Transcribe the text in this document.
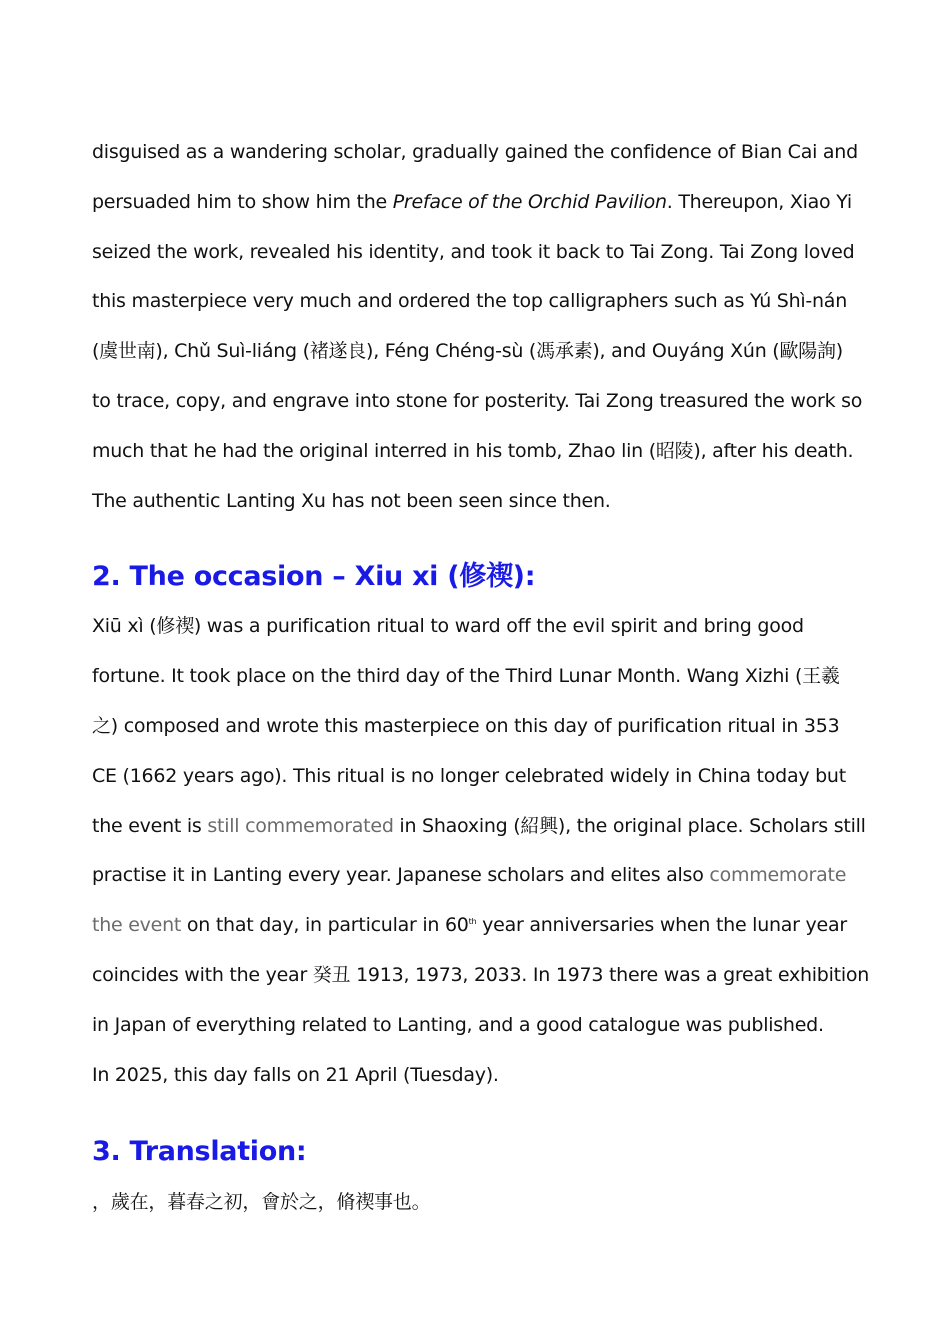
disguised as a wandering scholar, gradually gained the confidence of Bian Cai and
persuaded him to show him the Preface of the Orchid Pavilion. Thereupon, Xiao Yi
seized the work, revealed his identity, and took it back to Tai Zong. Tai Zong loved
this masterpiece very much and ordered the top calligraphers such as Yú Shì-nán
(虞世南), Chǔ Suì-liáng (褚遂良), Féng Chéng-sù (馮承素), and Ouyáng Xún (歐陽詢)
to trace, copy, and engrave into stone for posterity. Tai Zong treasured the work so
much that he had the original interred in his tomb, Zhao lin (昭陵), after his death.
The authentic Lanting Xu has not been seen since then.

2. The occasion – Xiu xi (修禊):

Xiū xì (修禊) was a purification ritual to ward off the evil spirit and bring good
fortune. It took place on the third day of the Third Lunar Month. Wang Xizhi (王羲
之) composed and wrote this masterpiece on this day of purification ritual in 353
CE (1662 years ago). This ritual is no longer celebrated widely in China today but
the event is still commemorated in Shaoxing (紹興), the original place. Scholars still
practise it in Lanting every year. Japanese scholars and elites also commemorate
the event on that day, in particular in 60th year anniversaries when the lunar year
coincides with the year 癸丑 1913, 1973, 2033. In 1973 there was a great exhibition
in Japan of everything related to Lanting, and a good catalogue was published.
In 2025, this day falls on 21 April (Tuesday).

3. Translation:

，歲在，暮春之初，會於之，脩禊事也。
